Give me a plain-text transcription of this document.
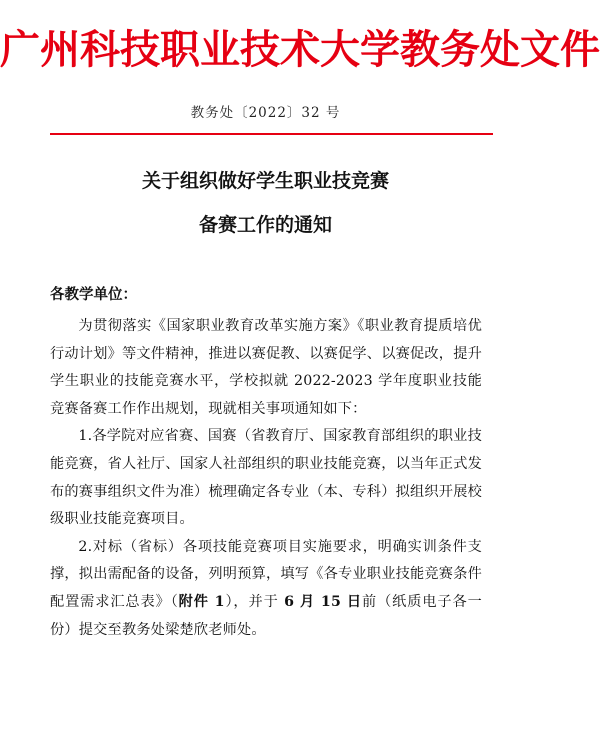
广州科技职业技术大学教务处文件
教务处〔2022〕32 号
关于组织做好学生职业技竞赛
备赛工作的通知
各教学单位：

为贯彻落实《国家职业教育改革实施方案》《职业教育提质培优行动计划》等文件精神，推进以赛促教、以赛促学、以赛促改，提升学生职业的技能竞赛水平，学校拟就 2022-2023 学年度职业技能竞赛备赛工作作出规划，现就相关事项通知如下：

1.各学院对应省赛、国赛（省教育厅、国家教育部组织的职业技能竞赛，省人社厅、国家人社部组织的职业技能竞赛，以当年正式发布的赛事组织文件为准）梳理确定各专业（本、专科）拟组织开展校级职业技能竞赛项目。

2.对标（省标）各项技能竞赛项目实施要求，明确实训条件支撑，拟出需配备的设备，列明预算，填写《各专业职业技能竞赛条件配置需求汇总表》（附件 1），并于 6 月 15 日前（纸质电子各一份）提交至教务处梁楚欣老师处。
